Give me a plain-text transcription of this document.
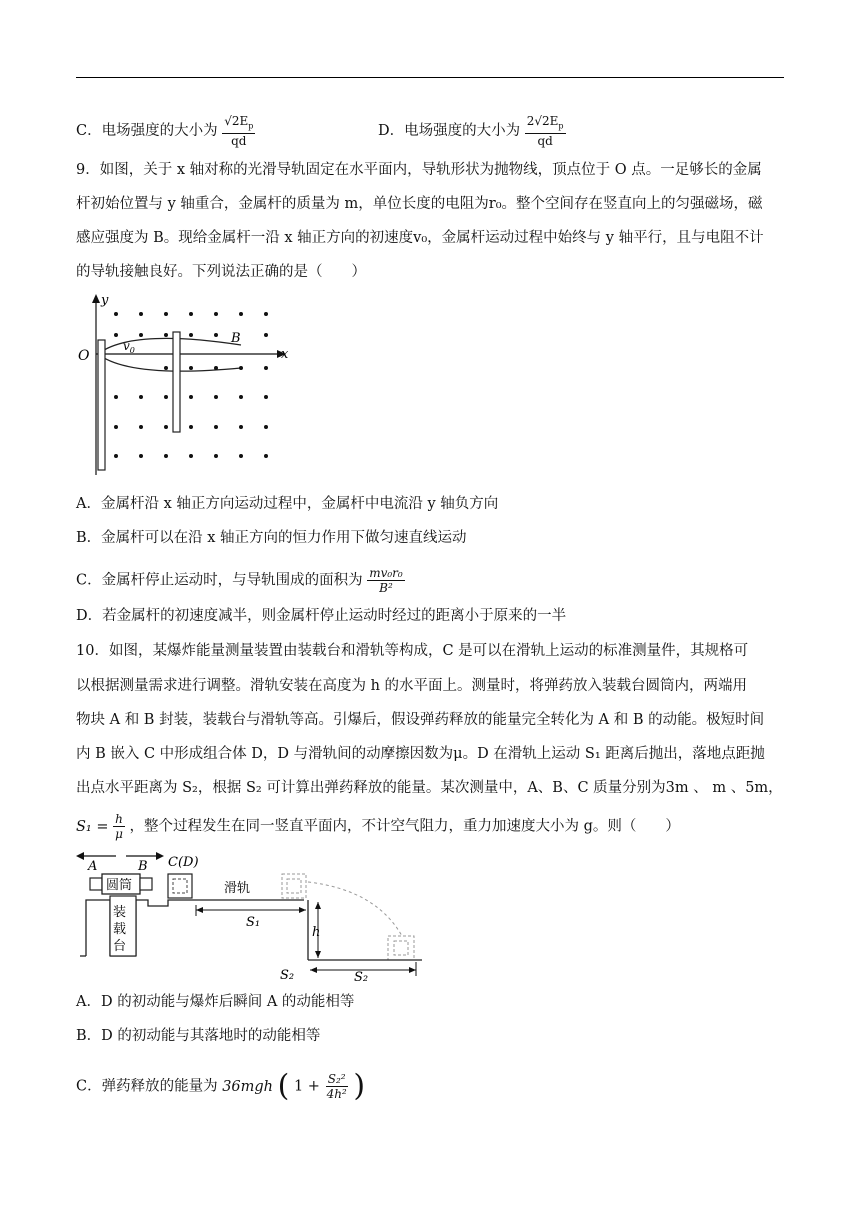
C．电场强度的大小为 $\frac{√2E_p}{qd}$	D．电场强度的大小为 $\frac{2√2E_p}{qd}$
9．如图，关于 x 轴对称的光滑导轨固定在水平面内，导轨形状为抛物线，顶点位于 O 点。一足够长的金属
杆初始位置与 y 轴重合，金属杆的质量为 m，单位长度的电阻为r₀。整个空间存在竖直向上的匀强磁场，磁
感应强度为 B。现给金属杆一沿 x 轴正方向的初速度v₀，金属杆运动过程中始终与 y 轴平行，且与电阻不计
的导轨接触良好。下列说法正确的是（　　）
y
x
O
B
$v_0$
A．金属杆沿 x 轴正方向运动过程中，金属杆中电流沿 y 轴负方向
B．金属杆可以在沿 x 轴正方向的恒力作用下做匀速直线运动
C．金属杆停止运动时，与导轨围成的面积为 $\frac{\text{mv₀r₀}}{\text{B²}}$
D．若金属杆的初速度减半，则金属杆停止运动时经过的距离小于原来的一半
10．如图，某爆炸能量测量装置由装载台和滑轨等构成，C 是可以在滑轨上运动的标准测量件，其规格可
以根据测量需求进行调整。滑轨安装在高度为 h 的水平面上。测量时，将弹药放入装载台圆筒内，两端用
物块 A 和 B 封装，装载台与滑轨等高。引爆后，假设弹药释放的能量完全转化为 A 和 B 的动能。极短时间
内 B 嵌入 C 中形成组合体 D，D 与滑轨间的动摩擦因数为μ。D 在滑轨上运动 S₁ 距离后抛出，落地点距抛
出点水平距离为 S₂，根据 S₂ 可计算出弹药释放的能量。某次测量中，A、B、C 质量分别为3m 、 m 、5m，
$S_1 = \frac{h}{\mu}$ ，整个过程发生在同一竖直平面内，不计空气阻力，重力加速度大小为 g。则（　　）
A	B C(D)
装
载
台
圆筒	滑轨
S₁
h
S₂
S₂
A．D 的初动能与爆炸后瞬间 A 的动能相等
B．D 的初动能与其落地时的动能相等
C．弹药释放的能量为 36mgh ( $1 + \frac{\text{S₂²}}{\text{4h²}}$ )
